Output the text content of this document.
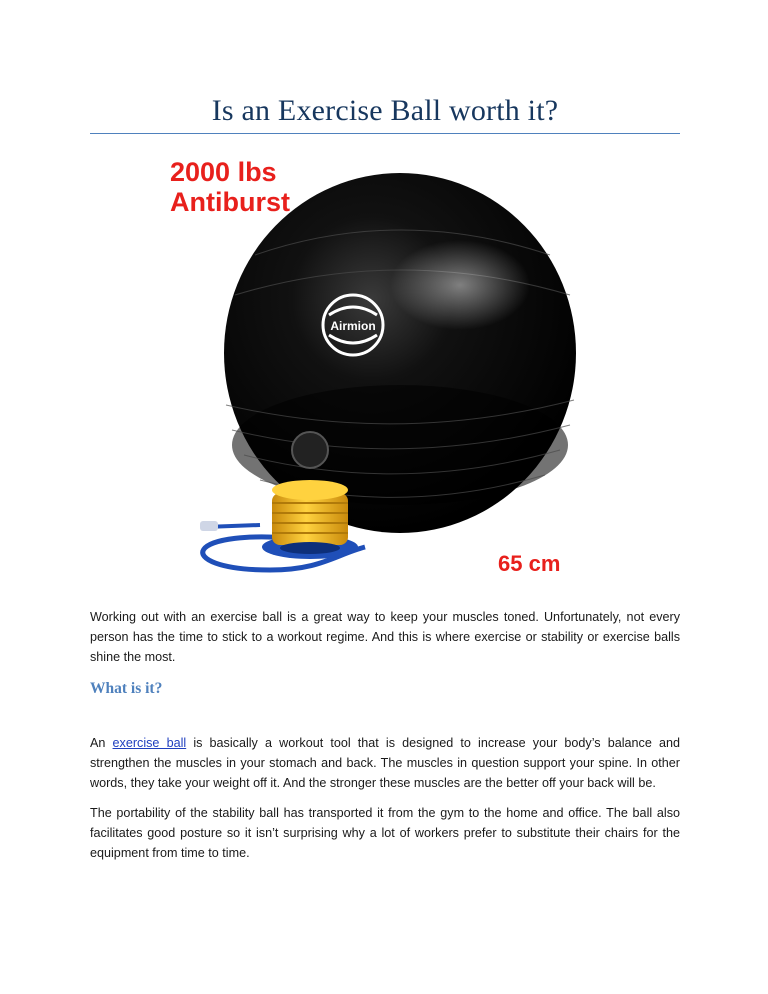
Is an Exercise Ball worth it?
Airmion
2000 lbs
Antiburst
65 cm

Working out with an exercise ball is a great way to keep your muscles toned. Unfortunately, not every person has the time to stick to a workout regime. And this is where exercise or stability or exercise balls shine the most.

What is it?

An exercise ball is basically a workout tool that is designed to increase your body’s balance and strengthen the muscles in your stomach and back. The muscles in question support your spine. In other words, they take your weight off it. And the stronger these muscles are the better off your back will be.

The portability of the stability ball has transported it from the gym to the home and office. The ball also facilitates good posture so it isn’t surprising why a lot of workers prefer to substitute their chairs for the equipment from time to time.
